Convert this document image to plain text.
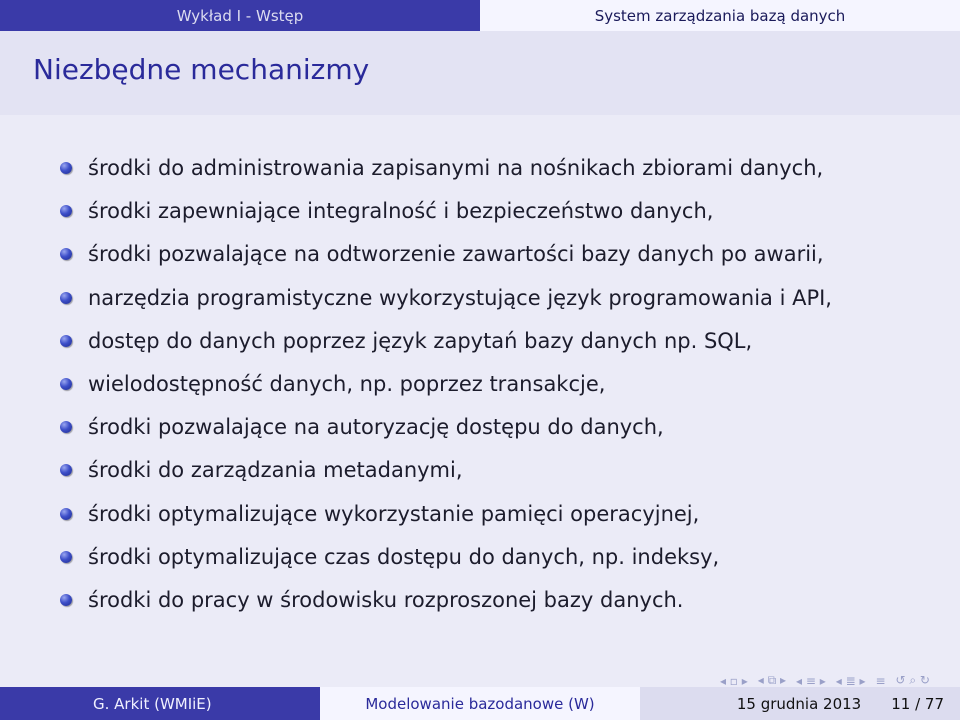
Wykład I - Wstęp	System zarządzania bazą danych
Niezbędne mechanizmy
środki do administrowania zapisanymi na nośnikach zbiorami danych,
środki zapewniające integralność i bezpieczeństwo danych,
środki pozwalające na odtworzenie zawartości bazy danych po awarii,
narzędzia programistyczne wykorzystujące język programowania i API,
dostęp do danych poprzez język zapytań bazy danych np. SQL,
wielodostępność danych, np. poprzez transakcje,
środki pozwalające na autoryzację dostępu do danych,
środki do zarządzania metadanymi,
środki optymalizujące wykorzystanie pamięci operacyjnej,
środki optymalizujące czas dostępu do danych, np. indeksy,
środki do pracy w środowisku rozproszonej bazy danych.
◂ ▫ ▸ ◂ ⧉ ▸ ◂ ≡ ▸ ◂ ≣ ▸ ≡ ↺ ⌕ ↻
G. Arkit (WMIiE)	Modelowanie bazodanowe (W)	15 grudnia 2013 11 / 77
